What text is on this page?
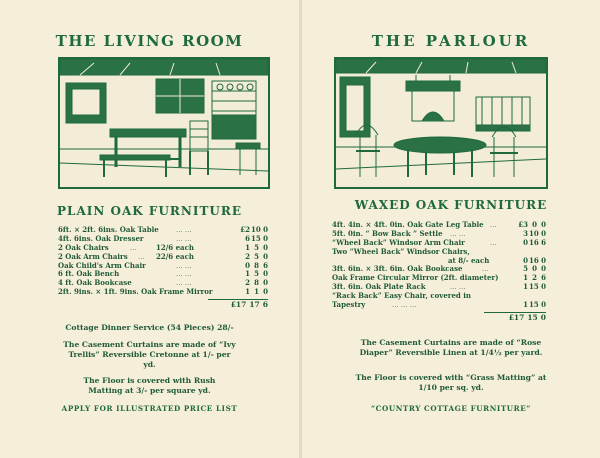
THE LIVING ROOM
PLAIN OAK FURNITURE
6ft. × 2ft. 6ins. Oak Table ... ...	£2 10 0
4ft. 6ins. Oak Dresser	... ...	6 15 0
2 Oak Chairs	...	12/6 each	1 5 0
2 Oak Arm Chairs ... 22/6 each	2 5 0
Oak Child's Arm Chair	... ...	0 8 6
6 ft. Oak Bench	... ...	1 5 0
4 ft. Oak Bookcase	... ...	2 8 0
2ft. 9ins. × 1ft. 9ins. Oak Frame Mirror	1 1 0
£17 17 6
Cottage Dinner Service (54 Pieces) 28/-
The Casement Curtains are made of “Ivy Trellis” Reversible Cretonne at 1/- per yd.
The Floor is covered with Rush Matting at 3/- per square yd.
APPLY FOR ILLUSTRATED PRICE LIST
THE PARLOUR
WAXED OAK FURNITURE
4ft. 4in. × 4ft. 0in. Oak Gate Leg Table ...	£3 0 0
5ft. 0in. “ Bow Back ” Settle ... ...	3 10 0
“Wheel Back” Windsor Arm Chair	...	0 16 6
Two “Wheel Back” Windsor Chairs,
at 8/- each	0 16 0
3ft. 6in. × 3ft. 6in. Oak Bookcase	...	5 0 0
Oak Frame Circular Mirror (2ft. diameter)	1 2 6
3ft. 6in. Oak Plate Rack	... ...	1 15 0
“Rack Back” Easy Chair, covered in
Tapestry	... ... ...	1 15 0
£17 15 0
The Casement Curtains are made of “Rose Diaper” Reversible Linen at 1/4½ per yard.
The Floor is covered with “Grass Matting” at 1/10 per sq. yd.
“COUNTRY COTTAGE FURNITURE”
